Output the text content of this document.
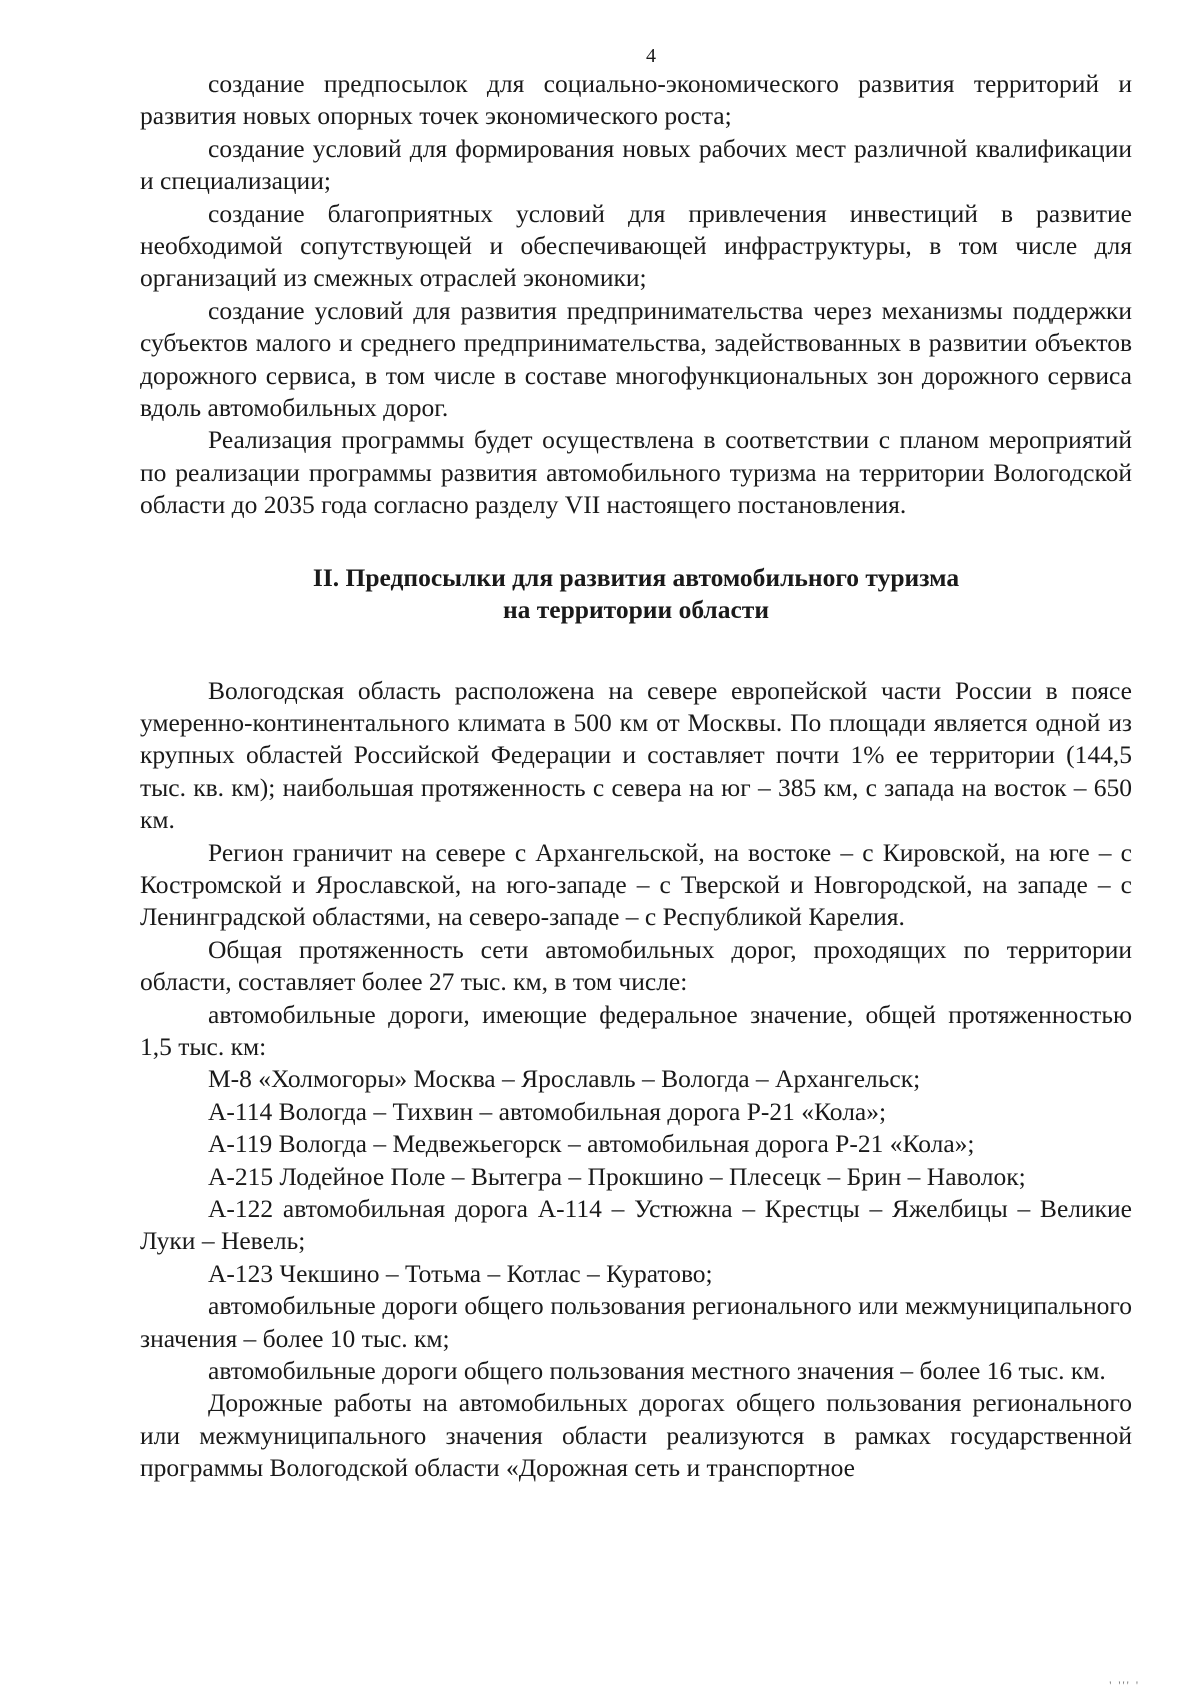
4

создание предпосылок для социально-экономического развития территорий и развития новых опорных точек экономического роста;

создание условий для формирования новых рабочих мест различной квалификации и специализации;

создание благоприятных условий для привлечения инвестиций в развитие необходимой сопутствующей и обеспечивающей инфраструктуры, в том числе для организаций из смежных отраслей экономики;

создание условий для развития предпринимательства через механизмы поддержки субъектов малого и среднего предпринимательства, задействованных в развитии объектов дорожного сервиса, в том числе в составе многофункциональных зон дорожного сервиса вдоль автомобильных дорог.

Реализация программы будет осуществлена в соответствии с планом мероприятий по реализации программы развития автомобильного туризма на территории Вологодской области до 2035 года согласно разделу VII настоящего постановления.

II. Предпосылки для развития автомобильного туризма
на территории области

Вологодская область расположена на севере европейской части России в поясе умеренно-континентального климата в 500 км от Москвы. По площади является одной из крупных областей Российской Федерации и составляет почти 1% ее территории (144,5 тыс. кв. км); наибольшая протяженность с севера на юг – 385 км, с запада на восток – 650 км.

Регион граничит на севере с Архангельской, на востоке – с Кировской, на юге – с Костромской и Ярославской, на юго-западе – с Тверской и Новгородской, на западе – с Ленинградской областями, на северо-западе – с Республикой Карелия.

Общая протяженность сети автомобильных дорог, проходящих по территории области, составляет более 27 тыс. км, в том числе:

автомобильные дороги, имеющие федеральное значение, общей протяженностью 1,5 тыс. км:

М-8 «Холмогоры» Москва – Ярославль – Вологда – Архангельск;

А-114 Вологда – Тихвин – автомобильная дорога Р-21 «Кола»;

А-119 Вологда – Медвежьегорск – автомобильная дорога Р-21 «Кола»;

А-215 Лодейное Поле – Вытегра – Прокшино – Плесецк – Брин – Наволок;

А-122 автомобильная дорога А-114 – Устюжна – Крестцы – Яжелбицы – Великие Луки – Невель;

А-123 Чекшино – Тотьма – Котлас – Куратово;

автомобильные дороги общего пользования регионального или межмуниципального значения – более 10 тыс. км;

автомобильные дороги общего пользования местного значения – более 16 тыс. км.

Дорожные работы на автомобильных дорогах общего пользования регионального или межмуниципального значения области реализуются в рамках государственной программы Вологодской области «Дорожная сеть и транспортное

' ''' '
